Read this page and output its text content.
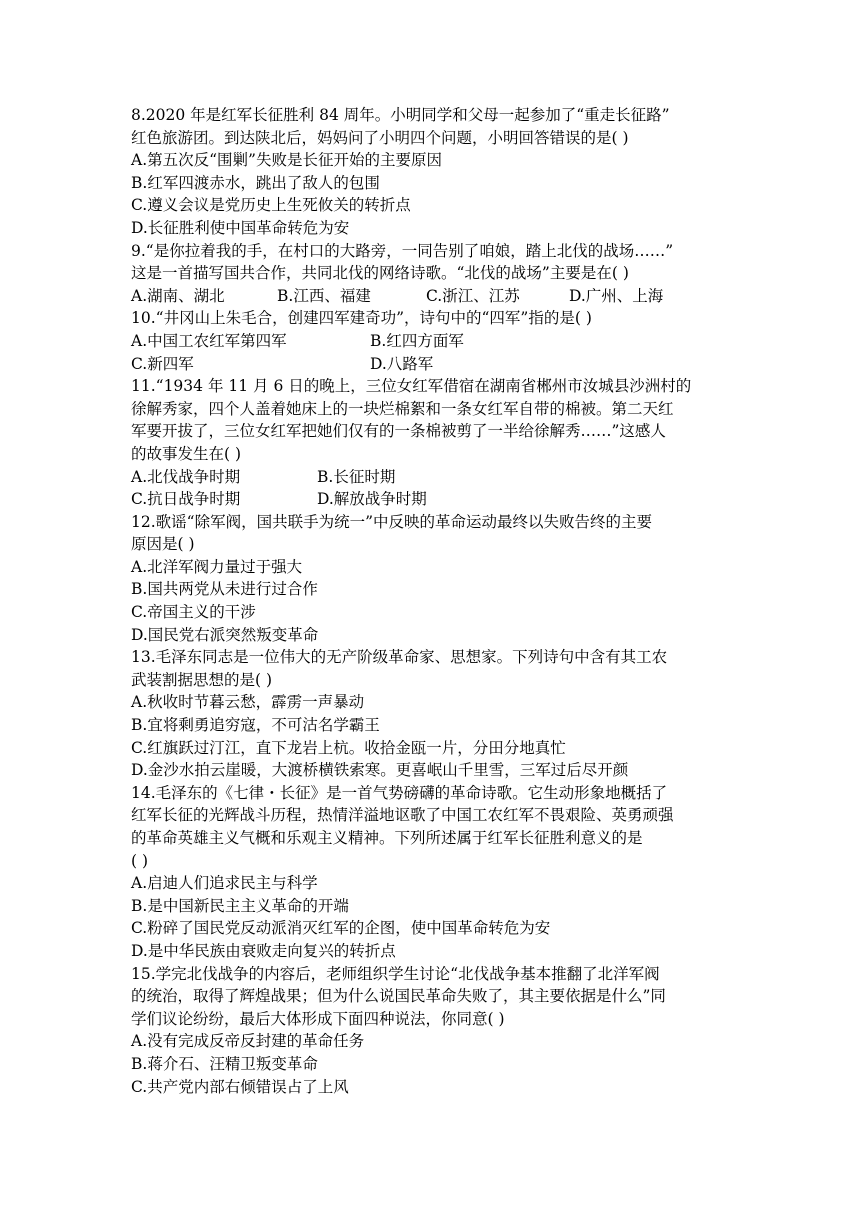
8.2020 年是红军长征胜利 84 周年。小明同学和父母一起参加了“重走长征路”
红色旅游团。到达陕北后，妈妈问了小明四个问题，小明回答错误的是( )
A.第五次反“围剿”失败是长征开始的主要原因
B.红军四渡赤水，跳出了敌人的包围
C.遵义会议是党历史上生死攸关的转折点
D.长征胜利使中国革命转危为安
9.“是你拉着我的手，在村口的大路旁，一同告别了咱娘，踏上北伐的战场……”
这是一首描写国共合作，共同北伐的网络诗歌。“北伐的战场”主要是在( )
A.湖南、湖北	B.江西、福建	C.浙江、江苏	D.广州、上海
10.“井冈山上朱毛合，创建四军建奇功”，诗句中的“四军”指的是( )
A.中国工农红军第四军	B.红四方面军
C.新四军	D.八路军
11.“1934 年 11 月 6 日的晚上，三位女红军借宿在湖南省郴州市汝城县沙洲村的
徐解秀家，四个人盖着她床上的一块烂棉絮和一条女红军自带的棉被。第二天红
军要开拔了，三位女红军把她们仅有的一条棉被剪了一半给徐解秀……”这感人
的故事发生在( )
A.北伐战争时期	B.长征时期
C.抗日战争时期	D.解放战争时期
12.歌谣“除军阀，国共联手为统一”中反映的革命运动最终以失败告终的主要
原因是( )
A.北洋军阀力量过于强大
B.国共两党从未进行过合作
C.帝国主义的干涉
D.国民党右派突然叛变革命
13.毛泽东同志是一位伟大的无产阶级革命家、思想家。下列诗句中含有其工农
武装割据思想的是( )
A.秋收时节暮云愁，霹雳一声暴动
B.宜将剩勇追穷寇，不可沽名学霸王
C.红旗跃过汀江，直下龙岩上杭。收拾金瓯一片，分田分地真忙
D.金沙水拍云崖暖，大渡桥横铁索寒。更喜岷山千里雪，三军过后尽开颜
14.毛泽东的《七律・长征》是一首气势磅礴的革命诗歌。它生动形象地概括了
红军长征的光辉战斗历程，热情洋溢地讴歌了中国工农红军不畏艰险、英勇顽强
的革命英雄主义气概和乐观主义精神。下列所述属于红军长征胜利意义的是
( )
A.启迪人们追求民主与科学
B.是中国新民主主义革命的开端
C.粉碎了国民党反动派消灭红军的企图，使中国革命转危为安
D.是中华民族由衰败走向复兴的转折点
15.学完北伐战争的内容后，老师组织学生讨论“北伐战争基本推翻了北洋军阀
的统治，取得了辉煌战果；但为什么说国民革命失败了，其主要依据是什么”同
学们议论纷纷，最后大体形成下面四种说法，你同意( )
A.没有完成反帝反封建的革命任务
B.蒋介石、汪精卫叛变革命
C.共产党内部右倾错误占了上风
